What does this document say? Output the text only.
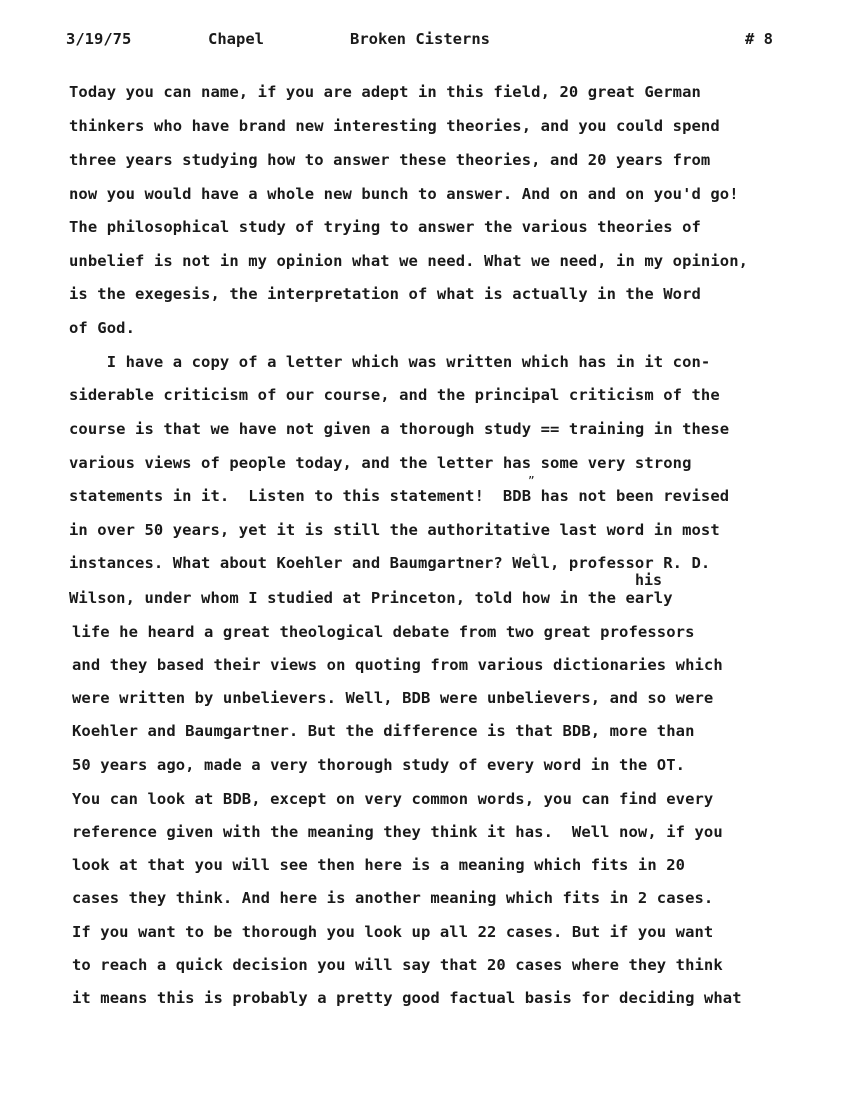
3/19/75	Chapel	Broken Cisterns	# 8
Today you can name, if you are adept in this field, 20 great German
thinkers who have brand new interesting theories, and you could spend
three years studying how to answer these theories, and 20 years from
now you would have a whole new bunch to answer. And on and on you'd go!
The philosophical study of trying to answer the various theories of
unbelief is not in my opinion what we need. What we need, in my opinion,
is the exegesis, the interpretation of what is actually in the Word
of God.
I have a copy of a letter which was written which has in it con-
siderable criticism of our course, and the principal criticism of the
course is that we have not given a thorough study == training in these
various views of people today, and the letter has some very strong
”
statements in it.  Listen to this statement!  BDB has not been revised
in over 50 years, yet it is still the authoritative last word in most
‸
instances. What about Koehler and Baumgartner? Well, professor R. D.
his
Wilson, under whom I studied at Princeton, told how in the early
life he heard a great theological debate from two great professors
and they based their views on quoting from various dictionaries which
were written by unbelievers. Well, BDB were unbelievers, and so were
Koehler and Baumgartner. But the difference is that BDB, more than
50 years ago, made a very thorough study of every word in the OT.
You can look at BDB, except on very common words, you can find every
reference given with the meaning they think it has.  Well now, if you
look at that you will see then here is a meaning which fits in 20
cases they think. And here is another meaning which fits in 2 cases.
If you want to be thorough you look up all 22 cases. But if you want
to reach a quick decision you will say that 20 cases where they think
it means this is probably a pretty good factual basis for deciding what
